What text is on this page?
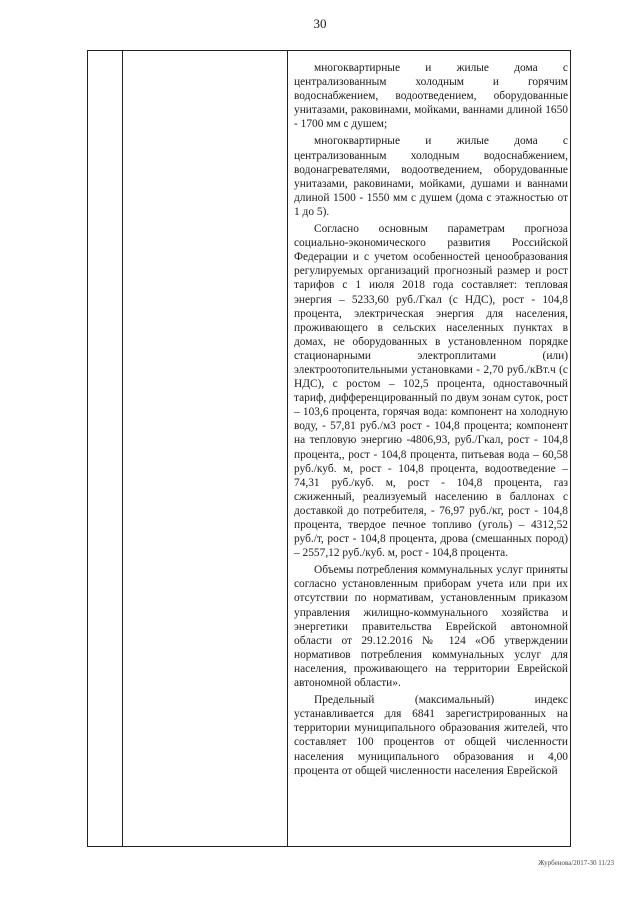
30

многоквартирные и жилые дома с централизованным холодным и горячим водоснабжением, водоотведением, оборудованные унитазами, раковинами, мойками, ваннами длиной 1650 - 1700 мм с душем;

многоквартирные и жилые дома с централизованным холодным водоснабжением, водонагревателями, водоотведением, оборудованные унитазами, раковинами, мойками, душами и ваннами длиной 1500 - 1550 мм с душем (дома с этажностью от 1 до 5).

Согласно основным параметрам прогноза социально-экономического развития Российской Федерации и с учетом особенностей ценообразования регулируемых организаций прогнозный размер и рост тарифов с 1 июля 2018 года составляет: тепловая энергия – 5233,60 руб./Гкал (с НДС), рост - 104,8 процента, электрическая энергия для населения, проживающего в сельских населенных пунктах в домах, не оборудованных в установленном порядке стационарными электроплитами (или) электроотопительными установками - 2,70 руб./кВт.ч (с НДС), с ростом – 102,5 процента, одноставочный тариф, дифференцированный по двум зонам суток, рост – 103,6 процента, горячая вода: компонент на холодную воду, - 57,81 руб./м3 рост - 104,8 процента; компонент на тепловую энергию -4806,93, руб./Гкал, рост - 104,8 процента,, рост - 104,8 процента, питьевая вода – 60,58 руб./куб. м, рост - 104,8 процента, водоотведение – 74,31 руб./куб. м, рост - 104,8 процента, газ сжиженный, реализуемый населению в баллонах с доставкой до потребителя, - 76,97 руб./кг, рост - 104,8 процента, твердое печное топливо (уголь) – 4312,52 руб./т, рост - 104,8 процента, дрова (смешанных пород) – 2557,12 руб./куб. м, рост - 104,8 процента.

Объемы потребления коммунальных услуг приняты согласно установленным приборам учета или при их отсутствии по нормативам, установленным приказом управления жилищно-коммунального хозяйства и энергетики правительства Еврейской автономной области от 29.12.2016 № 124 «Об утверждении нормативов потребления коммунальных услуг для населения, проживающего на территории Еврейской автономной области».

Предельный (максимальный) индекс устанавливается для 6841 зарегистрированных на территории муниципального образования жителей, что составляет 100 процентов от общей численности населения муниципального образования и 4,00 процента от общей численности населения Еврейской

Журбенова/2017-30 11/23
